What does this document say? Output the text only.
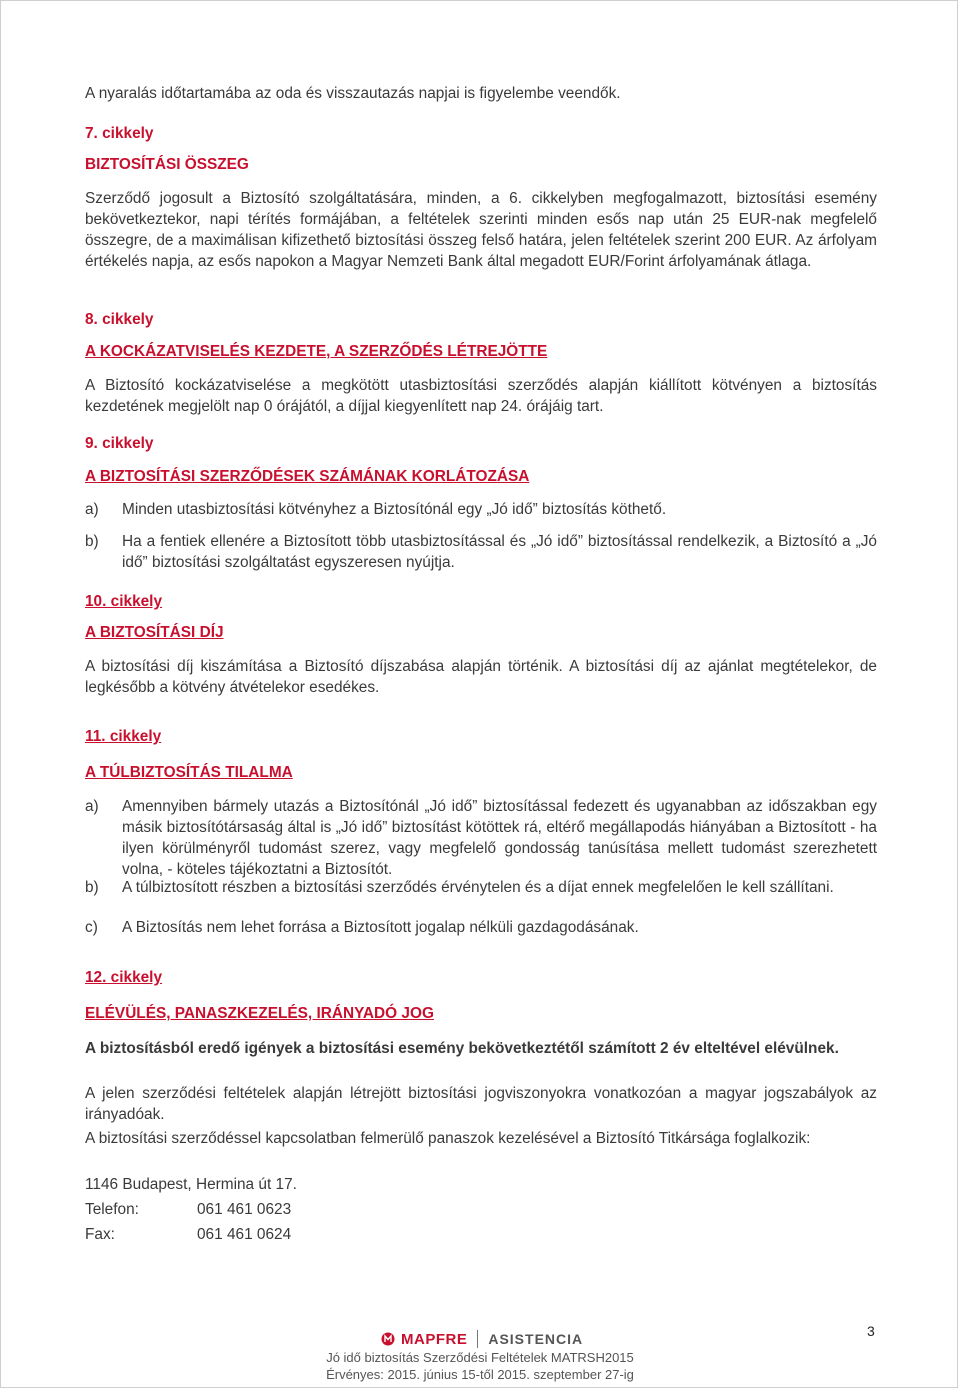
A nyaralás időtartamába az oda és visszautazás napjai is figyelembe veendők.
7. cikkely
BIZTOSÍTÁSI ÖSSZEG
Szerződő jogosult a Biztosító szolgáltatására, minden, a 6. cikkelyben megfogalmazott, biztosítási esemény bekövetkeztekor, napi térítés formájában, a feltételek szerinti minden esős nap után 25 EUR-nak megfelelő összegre, de a maximálisan kifizethető biztosítási összeg felső határa, jelen feltételek szerint 200 EUR. Az árfolyam értékelés napja, az esős napokon a Magyar Nemzeti Bank által megadott EUR/Forint árfolyamának átlaga.
8. cikkely
A KOCKÁZATVISELÉS KEZDETE, A SZERZŐDÉS LÉTREJÖTTE
A Biztosító kockázatviselése a megkötött utasbiztosítási szerződés alapján kiállított kötvényen a biztosítás kezdetének megjelölt nap 0 órájától, a díjjal kiegyenlített nap 24. órájáig tart.
9. cikkely
A BIZTOSÍTÁSI SZERZŐDÉSEK SZÁMÁNAK KORLÁTOZÁSA
a)	Minden utasbiztosítási kötvényhez a Biztosítónál egy „Jó idő” biztosítás köthető.
b)	Ha a fentiek ellenére a Biztosított több utasbiztosítással és „Jó idő” biztosítással rendelkezik, a Biztosító a „Jó idő” biztosítási szolgáltatást egyszeresen nyújtja.
10. cikkely
A BIZTOSÍTÁSI DÍJ
A biztosítási díj kiszámítása a Biztosító díjszabása alapján történik. A biztosítási díj az ajánlat megtételekor, de legkésőbb a kötvény átvételekor esedékes.
11. cikkely
A TÚLBIZTOSÍTÁS TILALMA
a)	Amennyiben bármely utazás a Biztosítónál „Jó idő” biztosítással fedezett és ugyanabban az időszakban egy másik biztosítótársaság által is „Jó idő” biztosítást kötöttek rá, eltérő megállapodás hiányában a Biztosított - ha ilyen körülményről tudomást szerez, vagy megfelelő gondosság tanúsítása mellett tudomást szerezhetett volna, - köteles tájékoztatni a Biztosítót.
b)	A túlbiztosított részben a biztosítási szerződés érvénytelen és a díjat ennek megfelelően le kell szállítani.
c)	A Biztosítás nem lehet forrása a Biztosított jogalap nélküli gazdagodásának.
12. cikkely
ELÉVÜLÉS, PANASZKEZELÉS, IRÁNYADÓ JOG
A biztosításból eredő igények a biztosítási esemény bekövetkeztétől számított 2 év elteltével elévülnek.
A jelen szerződési feltételek alapján létrejött biztosítási jogviszonyokra vonatkozóan a magyar jogszabályok az irányadóak.
A biztosítási szerződéssel kapcsolatban felmerülő panaszok kezelésével a Biztosító Titkársága foglalkozik:
1146 Budapest, Hermina út 17.
Telefon:	061 461 0623
Fax:	061 461 0624
MAPFRE ASISTENCIA	3
Jó idő biztosítás Szerződési Feltételek MATRSH2015
Érvényes: 2015. június 15-től 2015. szeptember 27-ig
